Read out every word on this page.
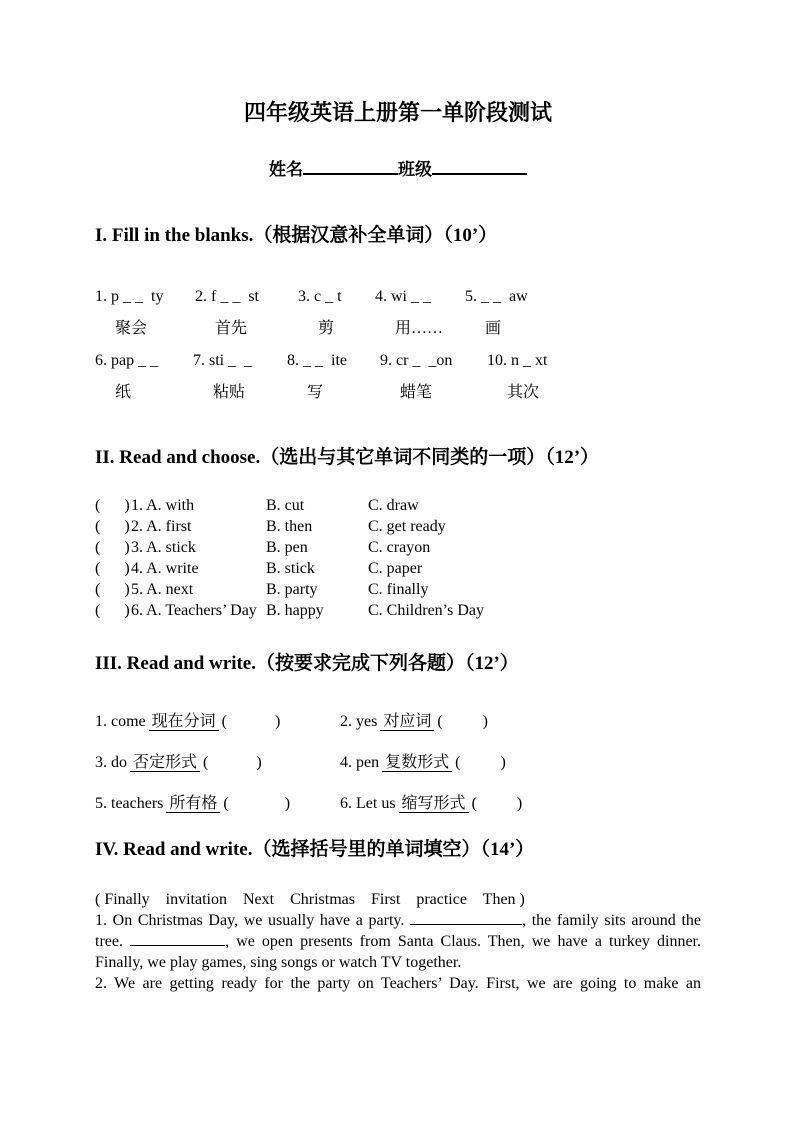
四年级英语上册第一单阶段测试
姓名	班级
I. Fill in the blanks.（根据汉意补全单词）（10’）
1. p _ _  ty
聚会
2. f _ _  st
首先
3. c _ t
剪
4. wi _ _
用……
5. _ _  aw
画
6. pap _ _
纸
7. sti _  _
粘贴
8. _ _  ite
写
9. cr _  _on
蜡笔
10. n _ xt
其次
II. Read and choose.（选出与其它单词不同类的一项）（12’）
(      ) 1. A. with	B. cut	C. draw
(      ) 2. A. first	B. then	C. get ready
(      ) 3. A. stick	B. pen	C. crayon
(      ) 4. A. write	B. stick	C. paper
(      ) 5. A. next	B. party	C. finally
(      ) 6. A. Teachers’ Day B. happy	C. Children’s Day
III. Read and write.（按要求完成下列各题）（12’）
1. come 现在分词 (            )	2. yes 对应词 (          )
3. do 否定形式 (            )	4. pen 复数形式 (          )
5. teachers 所有格 (              )	6. Let us 缩写形式 (          )
IV. Read and write.（选择括号里的单词填空）（14’）
( Finally    invitation    Next    Christmas    First    practice    Then )
1. On Christmas Day, we usually have a party.	, the family sits around the tree.	, we open presents from Santa Claus. Then, we have a turkey dinner. Finally, we play games, sing songs or watch TV together.
2. We are getting ready for the party on Teachers’ Day. First, we are going to make an
